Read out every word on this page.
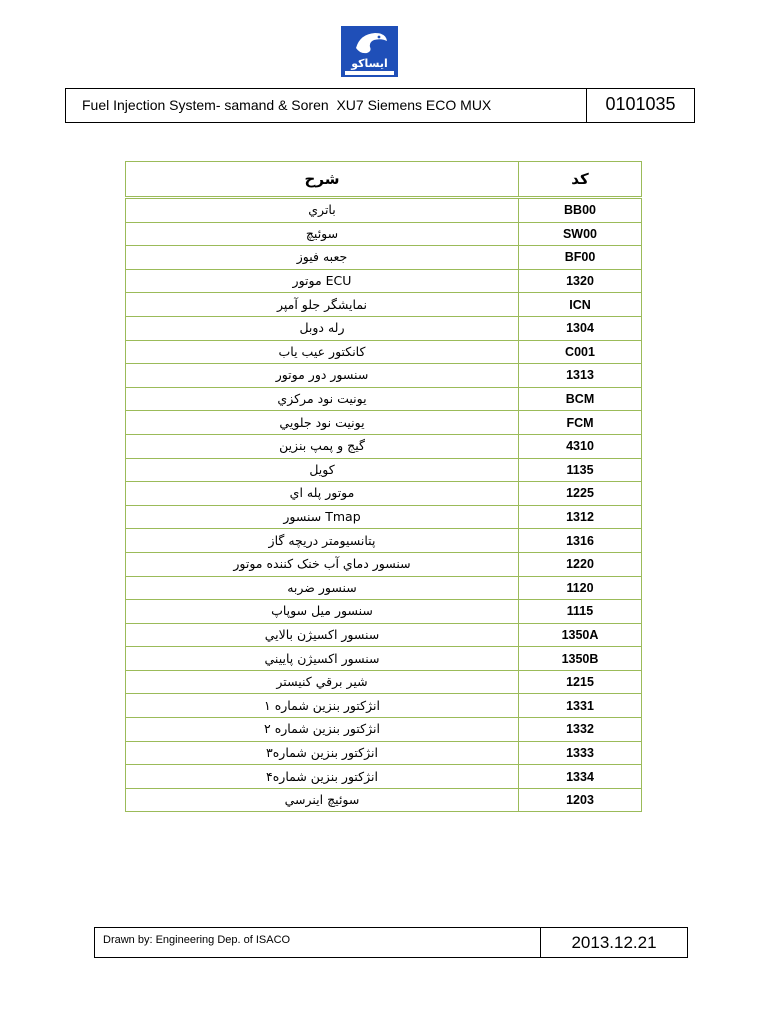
ایساکو
Fuel Injection System- samand & Soren  XU7 Siemens ECO MUX	0101035
شرح	کد
باتري	BB00
سوئيچ	SW00
جعبه فيوز	BF00
ECU موتور	1320
نمايشگر جلو آمپر	ICN
رله دوبل	1304
کانکتور عيب ياب	C001
سنسور دور موتور	1313
يونيت نود مرکزي	BCM
يونيت نود جلويي	FCM
گيج و پمپ بنزين	4310
کويل	1135
موتور پله اي	1225
Tmap سنسور	1312
پتانسيومتر دريچه گاز	1316
سنسور دماي آب خنک کننده موتور	1220
سنسور ضربه	1120
سنسور ميل سوپاپ	1115
سنسور اکسيژن بالايي	1350A
سنسور اکسيژن پاييني	1350B
شير برقي کنيستر	1215
انژکتور بنزين شماره ۱	1331
انژکتور بنزين شماره ۲	1332
انژکتور بنزين شماره۳	1333
انژکتور بنزين شماره۴	1334
سوئيچ اينرسي	1203
Drawn by: Engineering Dep. of ISACO	2013.12.21
